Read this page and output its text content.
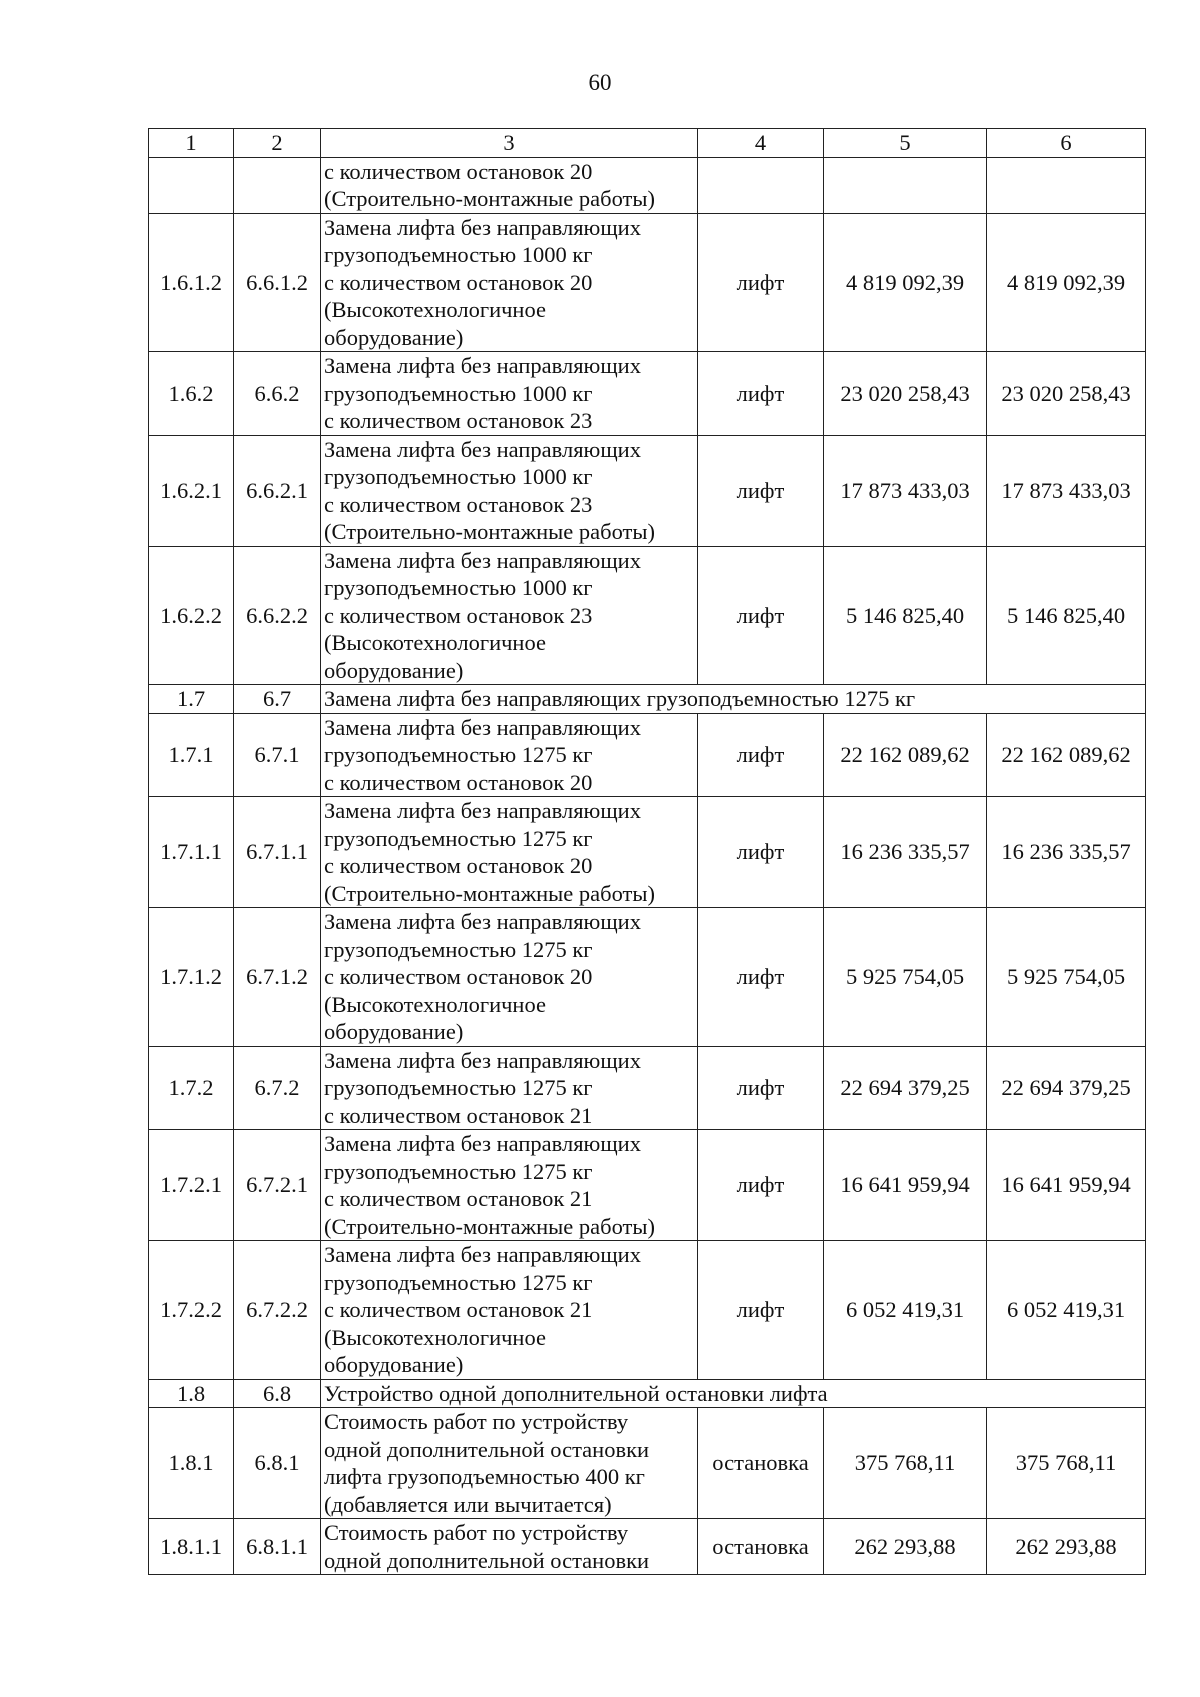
60
1	2	3	4	5	6

		с количеством остановок 20
(Строительно-монтажные работы)			

1.6.1.2	6.6.1.2	Замена лифта без направляющих
грузоподъемностью 1000 кг
с количеством остановок 20
(Высокотехнологичное
оборудование)	лифт	4 819 092,39	4 819 092,39
1.6.2	6.6.2	Замена лифта без направляющих
грузоподъемностью 1000 кг
с количеством остановок 23	лифт	23 020 258,43	23 020 258,43
1.6.2.1	6.6.2.1	Замена лифта без направляющих
грузоподъемностью 1000 кг
с количеством остановок 23
(Строительно-монтажные работы)	лифт	17 873 433,03	17 873 433,03
1.6.2.2	6.6.2.2	Замена лифта без направляющих
грузоподъемностью 1000 кг
с количеством остановок 23
(Высокотехнологичное
оборудование)	лифт	5 146 825,40	5 146 825,40
1.7	6.7	Замена лифта без направляющих грузоподъемностью 1275 кг			
1.7.1	6.7.1	Замена лифта без направляющих
грузоподъемностью 1275 кг
с количеством остановок 20	лифт	22 162 089,62	22 162 089,62
1.7.1.1	6.7.1.1	Замена лифта без направляющих
грузоподъемностью 1275 кг
с количеством остановок 20
(Строительно-монтажные работы)	лифт	16 236 335,57	16 236 335,57
1.7.1.2	6.7.1.2	Замена лифта без направляющих
грузоподъемностью 1275 кг
с количеством остановок 20
(Высокотехнологичное
оборудование)	лифт	5 925 754,05	5 925 754,05
1.7.2	6.7.2	Замена лифта без направляющих
грузоподъемностью 1275 кг
с количеством остановок 21	лифт	22 694 379,25	22 694 379,25
1.7.2.1	6.7.2.1	Замена лифта без направляющих
грузоподъемностью 1275 кг
с количеством остановок 21
(Строительно-монтажные работы)	лифт	16 641 959,94	16 641 959,94
1.7.2.2	6.7.2.2	Замена лифта без направляющих
грузоподъемностью 1275 кг
с количеством остановок 21
(Высокотехнологичное
оборудование)	лифт	6 052 419,31	6 052 419,31
1.8	6.8	Устройство одной дополнительной остановки лифта			
1.8.1	6.8.1	Стоимость работ по устройству
одной дополнительной остановки
лифта грузоподъемностью 400 кг
(добавляется или вычитается)	остановка	375 768,11	375 768,11
1.8.1.1	6.8.1.1	Стоимость работ по устройству
одной дополнительной остановки	остановка	262 293,88	262 293,88
